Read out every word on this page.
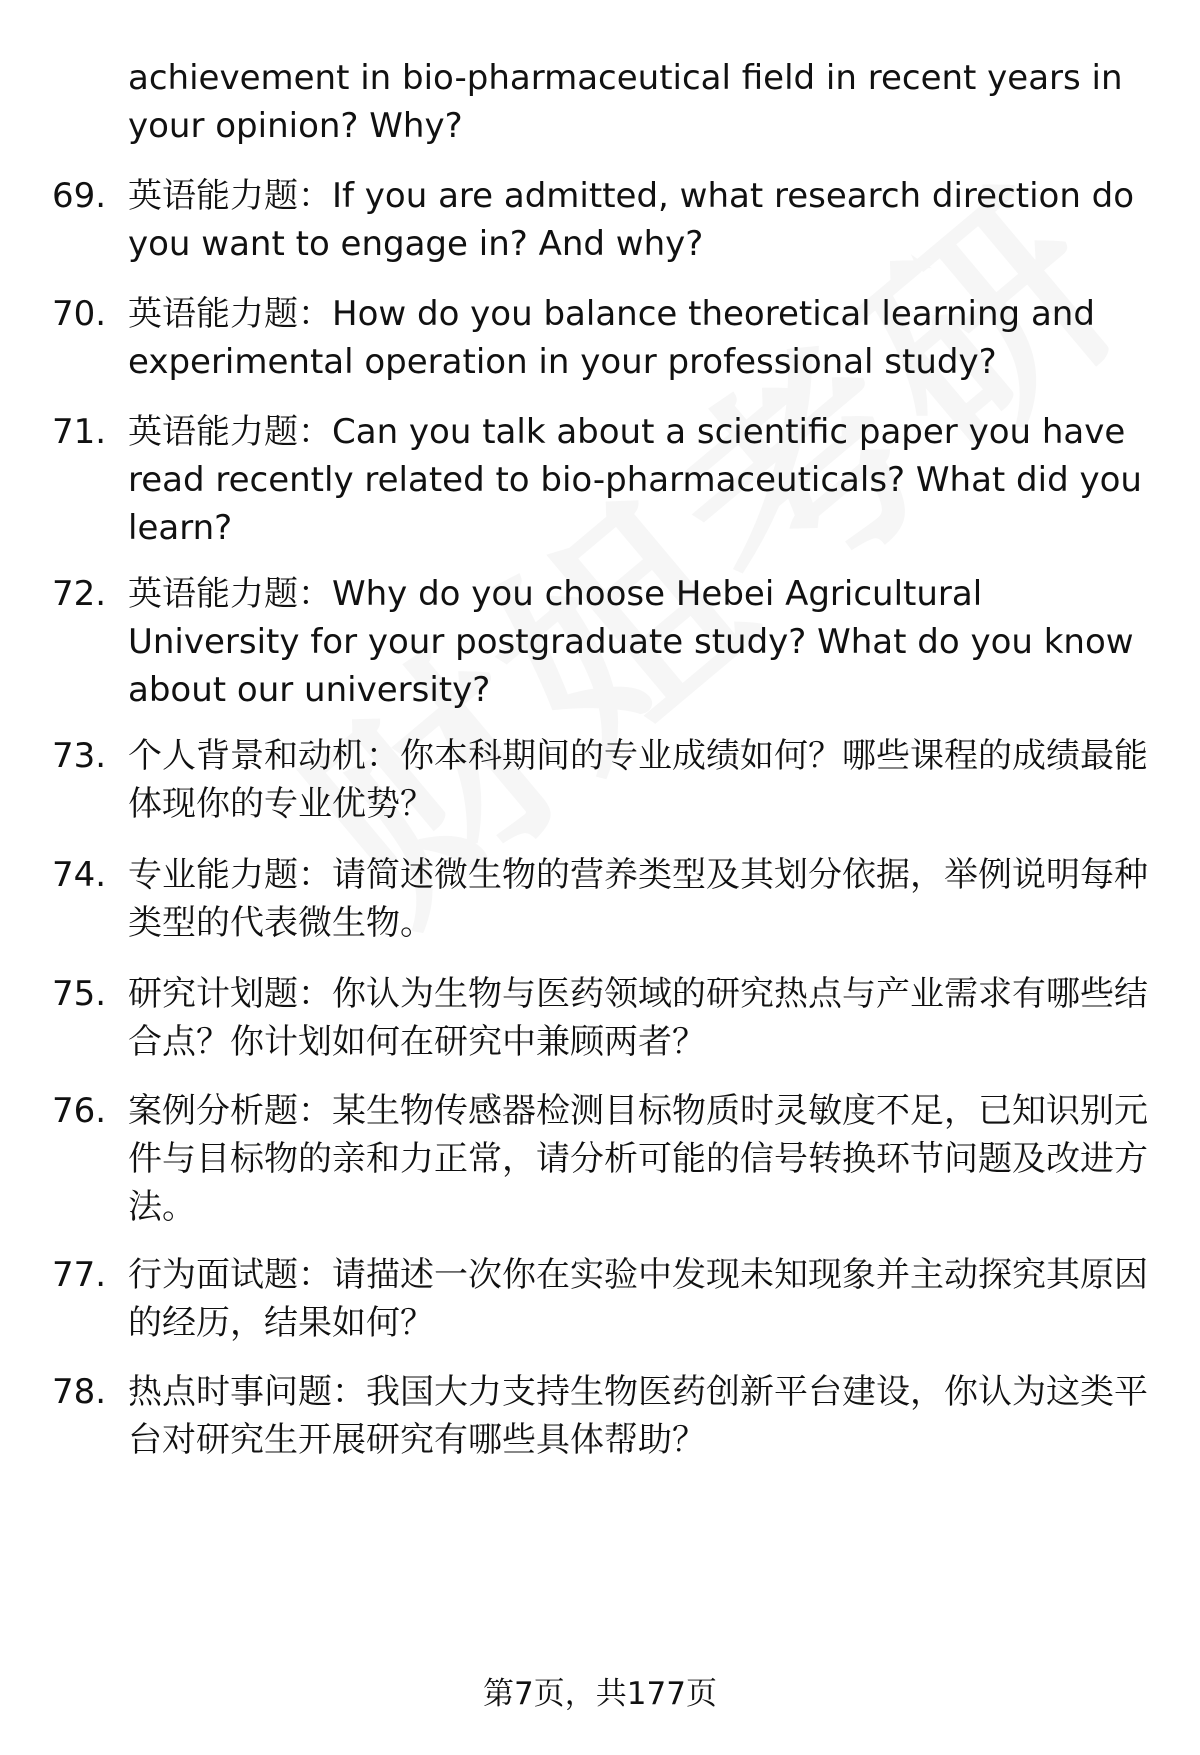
achievement in bio-pharmaceutical field in recent years in your opinion? Why?
69. 英语能力题：If you are admitted, what research direction do you want to engage in? And why?
70. 英语能力题：How do you balance theoretical learning and experimental operation in your professional study?
71. 英语能力题：Can you talk about a scientific paper you have read recently related to bio-pharmaceuticals? What did you learn?
72. 英语能力题：Why do you choose Hebei Agricultural University for your postgraduate study? What do you know about our university?
73. 个人背景和动机：你本科期间的专业成绩如何？哪些课程的成绩最能体现你的专业优势？
74. 专业能力题：请简述微生物的营养类型及其划分依据，举例说明每种类型的代表微生物。
75. 研究计划题：你认为生物与医药领域的研究热点与产业需求有哪些结合点？你计划如何在研究中兼顾两者？
76. 案例分析题：某生物传感器检测目标物质时灵敏度不足，已知识别元件与目标物的亲和力正常，请分析可能的信号转换环节问题及改进方法。
77. 行为面试题：请描述一次你在实验中发现未知现象并主动探究其原因的经历，结果如何？
78. 热点时事问题：我国大力支持生物医药创新平台建设，你认为这类平台对研究生开展研究有哪些具体帮助？
第7页，共177页
